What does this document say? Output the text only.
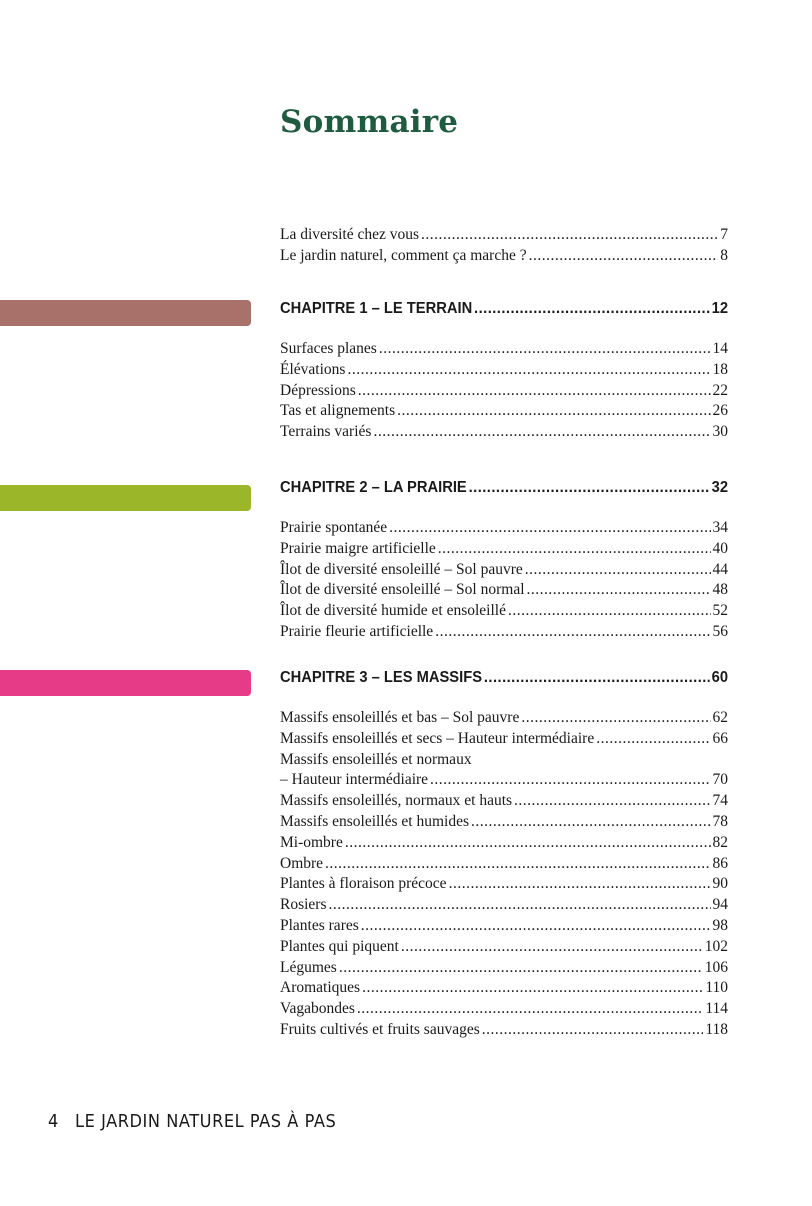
Sommaire
La diversité chez vous .....	7
Le jardin naturel, comment ça marche ? .....	8
CHAPITRE 1 – LE TERRAIN .....	12
Surfaces planes .....	14
Élévations .....	18
Dépressions .....	22
Tas et alignements .....	26
Terrains variés .....	30
CHAPITRE 2 – LA PRAIRIE .....	32
Prairie spontanée .....	34
Prairie maigre artificielle .....	40
Îlot de diversité ensoleillé – Sol pauvre .....	44
Îlot de diversité ensoleillé – Sol normal .....	48
Îlot de diversité humide et ensoleillé .....	52
Prairie fleurie artificielle .....	56
CHAPITRE 3 – LES MASSIFS .....	60
Massifs ensoleillés et bas – Sol pauvre .....	62
Massifs ensoleillés et secs – Hauteur intermédiaire .....	66
Massifs ensoleillés et normaux
– Hauteur intermédiaire .....	70
Massifs ensoleillés, normaux et hauts .....	74
Massifs ensoleillés et humides .....	78
Mi-ombre .....	82
Ombre .....	86
Plantes à floraison précoce .....	90
Rosiers .....	94
Plantes rares .....	98
Plantes qui piquent .....	102
Légumes .....	106
Aromatiques .....	110
Vagabondes .....	114
Fruits cultivés et fruits sauvages .....	118
4 LE JARDIN NATUREL PAS À PAS
